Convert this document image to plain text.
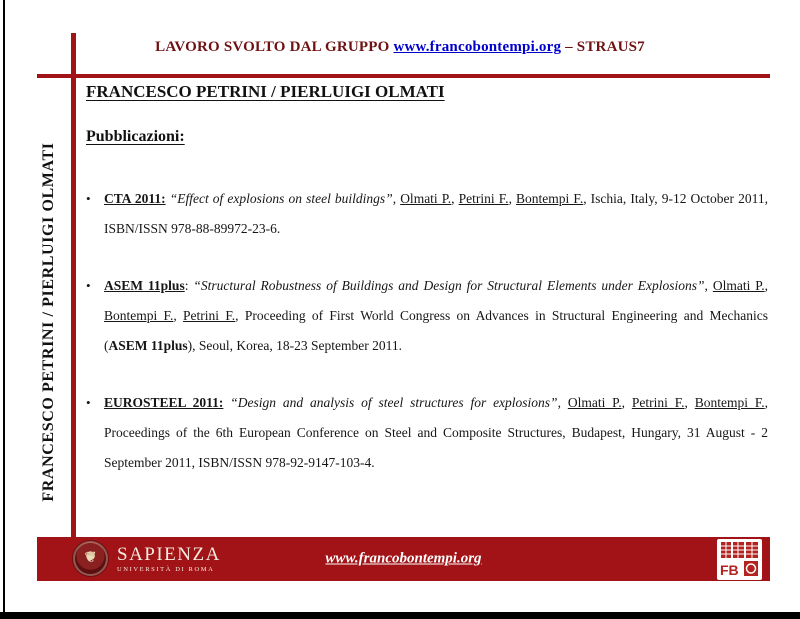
LAVORO SVOLTO DAL GRUPPO www.francobontempi.org – STRAUS7
FRANCESCO PETRINI / PIERLUIGI OLMATI

FRANCESCO PETRINI / PIERLUIGI OLMATI

Pubblicazioni:

• CTA 2011: “Effect of explosions on steel buildings”, Olmati P., Petrini F., Bontempi F., Ischia, Italy, 9-12 October 2011, ISBN/ISSN 978-88-89972-23-6.

• ASEM 11plus: “Structural Robustness of Buildings and Design for Structural Elements under Explosions”, Olmati P., Bontempi F., Petrini F., Proceeding of First World Congress on Advances in Structural Engineering and Mechanics (ASEM 11plus), Seoul, Korea, 18-23 September 2011.

• EUROSTEEL 2011: “Design and analysis of steel structures for explosions”, Olmati P., Petrini F., Bontempi F., Proceedings of the 6th European Conference on Steel and Composite Structures, Budapest, Hungary, 31 August - 2 September 2011, ISBN/ISSN 978-92-9147-103-4.

❦ SAPIENZA
UNIVERSITÀ DI ROMA
www.francobontempi.org
FB
